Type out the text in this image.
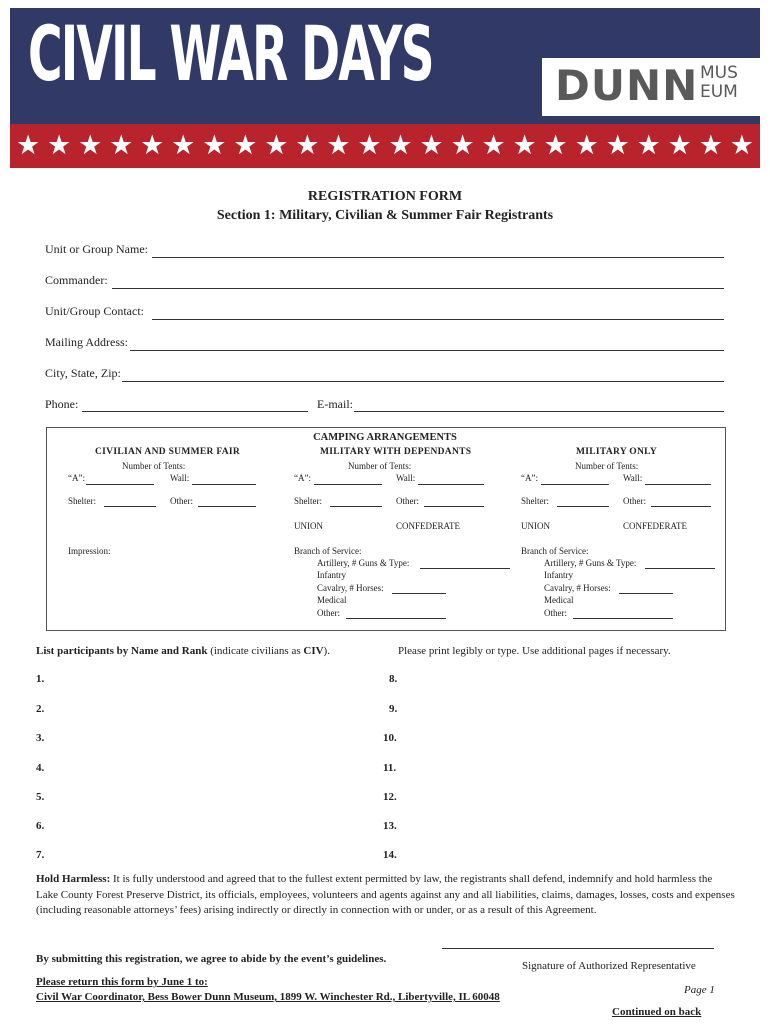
CIVIL WAR DAYS	DUNN MUS
EUM
★ ★ ★ ★ ★ ★ ★ ★ ★ ★ ★ ★ ★ ★ ★ ★ ★ ★ ★ ★ ★ ★ ★ ★
REGISTRATION FORM
Section 1: Military, Civilian & Summer Fair Registrants
Unit or Group Name:
Commander:
Unit/Group Contact:
Mailing Address:
City, State, Zip:
Phone:	E-mail:
CAMPING ARRANGEMENTS
CIVILIAN AND SUMMER FAIR
Number of Tents:
“A”:	Wall:
Shelter:	Other:
Impression:
MILITARY WITH DEPENDANTS
Number of Tents:
“A”:	Wall:
Shelter:	Other:
UNION	CONFEDERATE
Branch of Service:
Artillery, # Guns & Type:
Infantry
Cavalry, # Horses:
Medical
Other:
MILITARY ONLY
Number of Tents:
“A”:	Wall:
Shelter:	Other:
UNION	CONFEDERATE
Branch of Service:
Artillery, # Guns & Type:
Infantry
Cavalry, # Horses:
Other:
Medical
List participants by Name and Rank (indicate civilians as CIV).	Please print legibly or type. Use additional pages if necessary.
1.
2.
3.
4.
5.
6.
7.
8.
9.
10.
11.
12.
13.
14.
Hold Harmless: It is fully understood and agreed that to the fullest extent permitted by law, the registrants shall defend, indemnify and hold harmless the Lake County Forest Preserve District, its officials, employees, volunteers and agents against any and all liabilities, claims, damages, losses, costs and expenses (including reasonable attorneys’ fees) arising indirectly or directly in connection with or under, or as a result of this Agreement.
By submitting this registration, we agree to abide by the event’s guidelines.
Signature of Authorized Representative
Please return this form by June 1 to:
Civil War Coordinator, Bess Bower Dunn Museum, 1899 W. Winchester Rd., Libertyville, IL 60048
Page 1
Continued on back
